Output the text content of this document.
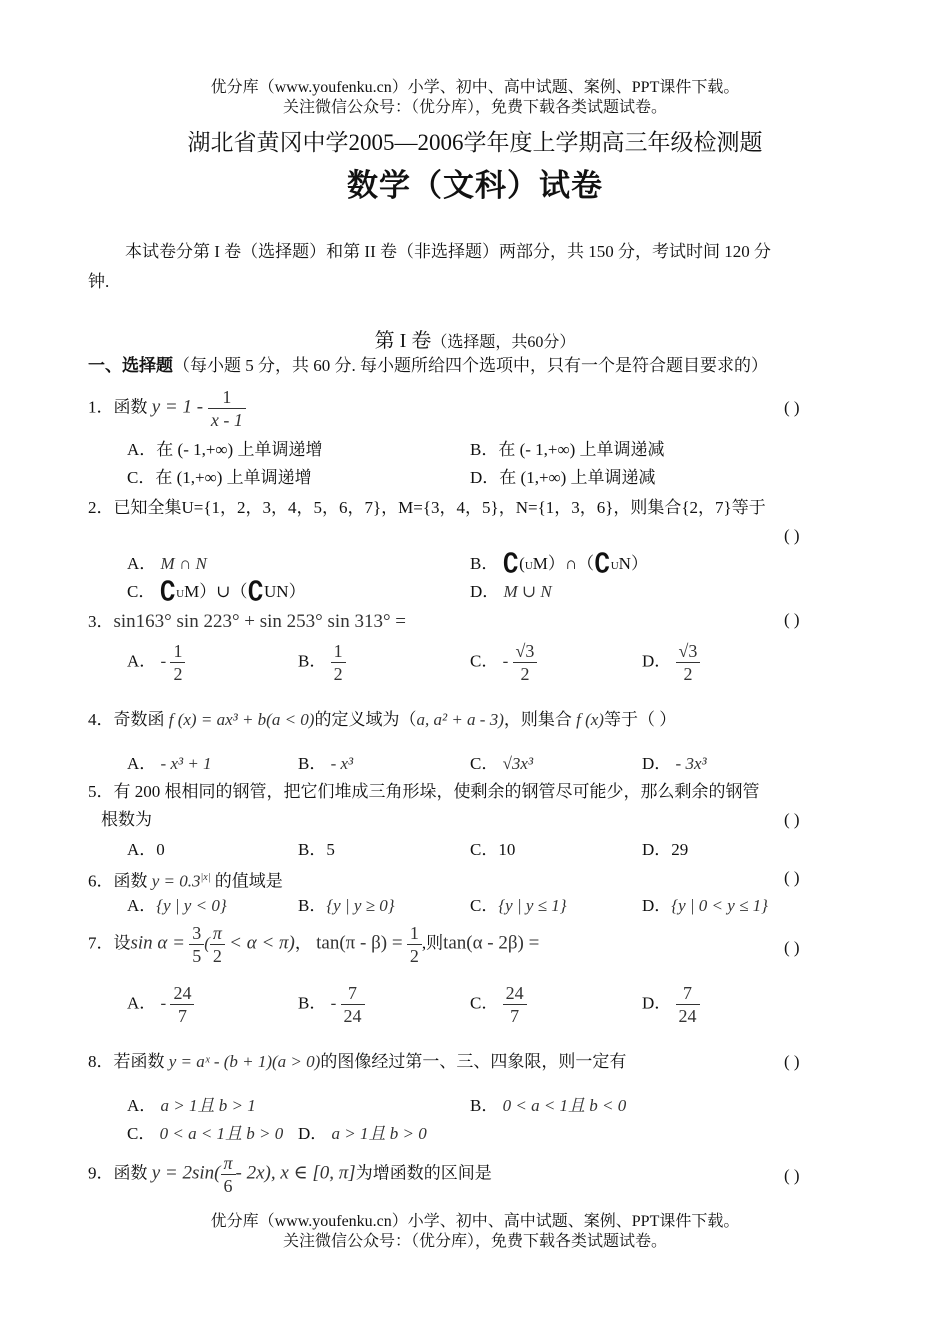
优分库（www.youfenku.cn）小学、初中、高中试题、案例、PPT课件下载。
关注微信公众号：（优分库），免费下载各类试题试卷。
湖北省黄冈中学2005—2006学年度上学期高三年级检测题
数学（文科）试卷
本试卷分第 I 卷（选择题）和第 II 卷（非选择题）两部分，共 150 分，考试时间 120 分
钟.
第 I 卷（选择题，共60分）
一、选择题（每小题 5 分，共 60 分. 每小题所给四个选项中，只有一个是符合题目要求的）
1．函数 $y = 1 - \frac{1}{x - 1}$	( )
A．在 (- 1,+∞) 上单调递增	B．在 (- 1,+∞) 上单调递减
C．在 (1,+∞) 上单调递增	D．在 (1,+∞) 上单调递减
2．已知全集U={1，2，3，4，5，6，7}，M={3，4，5}，N={1，3，6}，则集合{2，7}等于
( )
A． M ∩ N	B． ∁(UM）∩（∁UN）
C． ∁UM）∪（∁UN）	D． M ∪ N
3．sin163° sin 223° + sin 253° sin 313° =	( )
A． - $\frac{1}{2}$	B． $\frac{1}{2}$	C． - $\frac{√3}{2}$	D． $\frac{√3}{2}$
4．奇数函 f (x) = ax³ + b(a < 0)的定义域为（a, a² + a - 3)，则集合 f (x)等于（ ）
A． - x³ + 1	B． - x³	C． √3x³	D． - 3x³
5．有 200 根相同的钢管，把它们堆成三角形垛，使剩余的钢管尽可能少，那么剩余的钢管
根数为	( )
A．0	B．5	C．10	D．29
6．函数 $y = 0.3^{|x|}$ 的值域是	( )
A．{y | y < 0}	B．{y | y ≥ 0}	C．{y | y ≤ 1}	D．{y | 0 < y ≤ 1}
7．设$\sin \alpha = \frac{3}{5}$ ( $\frac{\pi}{2} < \alpha < \pi$)， $\tan(\pi - \beta) = \frac{1}{2}$ ,则tan(α - 2β) =	( )
A． - $\frac{24}{7}$	B． - $\frac{7}{24}$	C． $\frac{24}{7}$	D． $\frac{7}{24}$
8．若函数 y = aˣ - (b + 1)(a > 0)的图像经过第一、三、四象限，则一定有	( )
A． a > 1且 b > 1	B． 0 < a < 1且 b < 0
C． 0 < a < 1且 b > 0 D． a > 1且 b > 0
9．函数 $y = 2\sin( \frac{\pi}{6} - 2x)$, x ∈ [0, π]为增函数的区间是	( )
优分库（www.youfenku.cn）小学、初中、高中试题、案例、PPT课件下载。
关注微信公众号：（优分库），免费下载各类试题试卷。
